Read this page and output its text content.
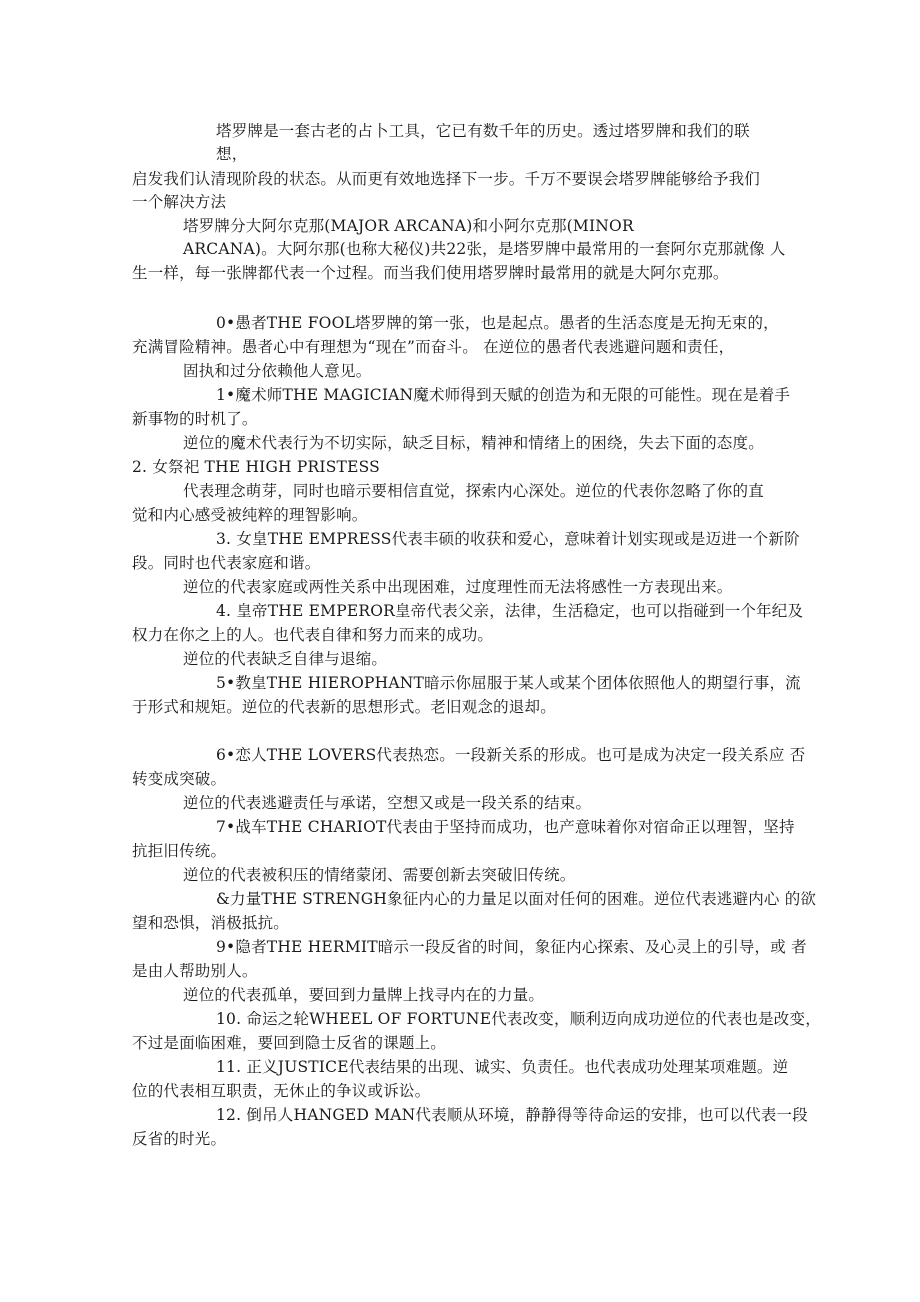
塔罗牌是一套古老的占卜工具，它已有数千年的历史。透过塔罗牌和我们的联
想，
启发我们认清现阶段的状态。从而更有效地选择下一步。千万不要误会塔罗牌能够给予我们
一个解决方法
塔罗牌分大阿尔克那(MAJOR ARCANA)和小阿尔克那(MINOR
ARCANA)。大阿尔那(也称大秘仪)共22张，是塔罗牌中最常用的一套阿尔克那就像 人
生一样，每一张牌都代表一个过程。而当我们使用塔罗牌时最常用的就是大阿尔克那。
0•愚者THE FOOL塔罗牌的第一张，也是起点。愚者的生活态度是无拘无束的，
充满冒险精神。愚者心中有理想为“现在”而奋斗。 在逆位的愚者代表逃避问题和责任，
固执和过分依赖他人意见。
1•魔术师THE MAGICIAN魔术师得到天赋的创造为和无限的可能性。现在是着手
新事物的时机了。
逆位的魔术代表行为不切实际，缺乏目标，精神和情绪上的困绕，失去下面的态度。
2. 女祭祀 THE HIGH PRISTESS
代表理念萌芽，同时也暗示要相信直觉，探索内心深处。逆位的代表你忽略了你的直
觉和内心感受被纯粹的理智影响。
3. 女皇THE EMPRESS代表丰硕的收获和爱心，意味着计划实现或是迈进一个新阶
段。同时也代表家庭和谐。
逆位的代表家庭或两性关系中出现困难，过度理性而无法将感性一方表现出来。
4. 皇帝THE EMPEROR皇帝代表父亲，法律，生活稳定，也可以指碰到一个年纪及
权力在你之上的人。也代表自律和努力而来的成功。
逆位的代表缺乏自律与退缩。
5•教皇THE HIEROPHANT暗示你屈服于某人或某个团体依照他人的期望行事，流
于形式和规矩。逆位的代表新的思想形式。老旧观念的退却。
6•恋人THE LOVERS代表热恋。一段新关系的形成。也可是成为决定一段关系应 否
转变成突破。
逆位的代表逃避责任与承诺，空想又或是一段关系的结束。
7•战车THE CHARIOT代表由于坚持而成功，也产意味着你对宿命正以理智，坚持
抗拒旧传统。
逆位的代表被积压的情绪蒙闭、需要创新去突破旧传统。
&力量THE STRENGH象征内心的力量足以面对任何的困难。逆位代表逃避内心 的欲
望和恐惧，消极抵抗。
9•隐者THE HERMIT暗示一段反省的时间，象征内心探索、及心灵上的引导，或 者
是由人帮助别人。
逆位的代表孤单，要回到力量牌上找寻内在的力量。
10. 命运之轮WHEEL OF FORTUNE代表改变，顺利迈向成功逆位的代表也是改变，
不过是面临困难，要回到隐士反省的课题上。
11. 正义JUSTICE代表结果的出现、诚实、负责任。也代表成功处理某项难题。逆
位的代表相互职责，无休止的争议或诉讼。
12. 倒吊人HANGED MAN代表顺从环境，静静得等待命运的安排，也可以代表一段
反省的时光。
